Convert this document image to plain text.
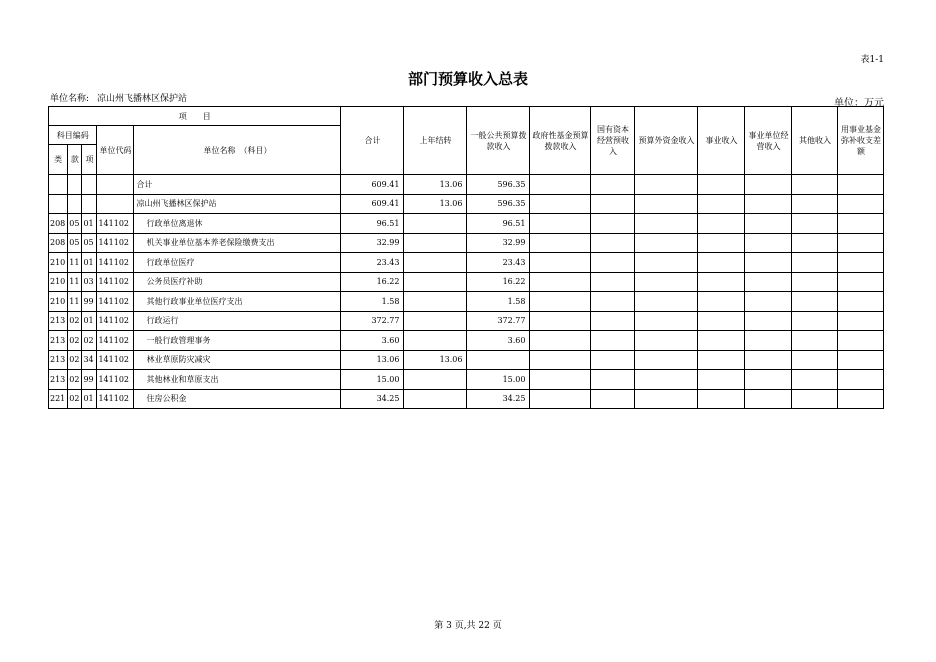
表1-1
部门预算收入总表
单位名称: 凉山州飞播林区保护站	单位：万元
项　　目					合计	上年结转	一般公共预算拨款收入	政府性基金预算拨款收入	国有资本经营预收入	预算外资金收入	事业收入	事业单位经营收入	其他收入	用事业基金弥补收支差额
科目编码			单位代码	单位名称　（科目）										
类	款	项												
				合计	609.41	13.06	596.35							
				凉山州飞播林区保护站	609.41	13.06	596.35							
208	05	01	141102	行政单位离退休	96.51		96.51							
208	05	05	141102	机关事业单位基本养老保险缴费支出	32.99		32.99							
210	11	01	141102	行政单位医疗	23.43		23.43							
210	11	03	141102	公务员医疗补助	16.22		16.22							
210	11	99	141102	其他行政事业单位医疗支出	1.58		1.58							
213	02	01	141102	行政运行	372.77		372.77							
213	02	02	141102	一般行政管理事务	3.60		3.60							
213	02	34	141102	林业草原防灾减灾	13.06	13.06								
213	02	99	141102	其他林业和草原支出	15.00		15.00							
221	02	01	141102	住房公积金	34.25		34.25							
第 3 页,共 22 页
